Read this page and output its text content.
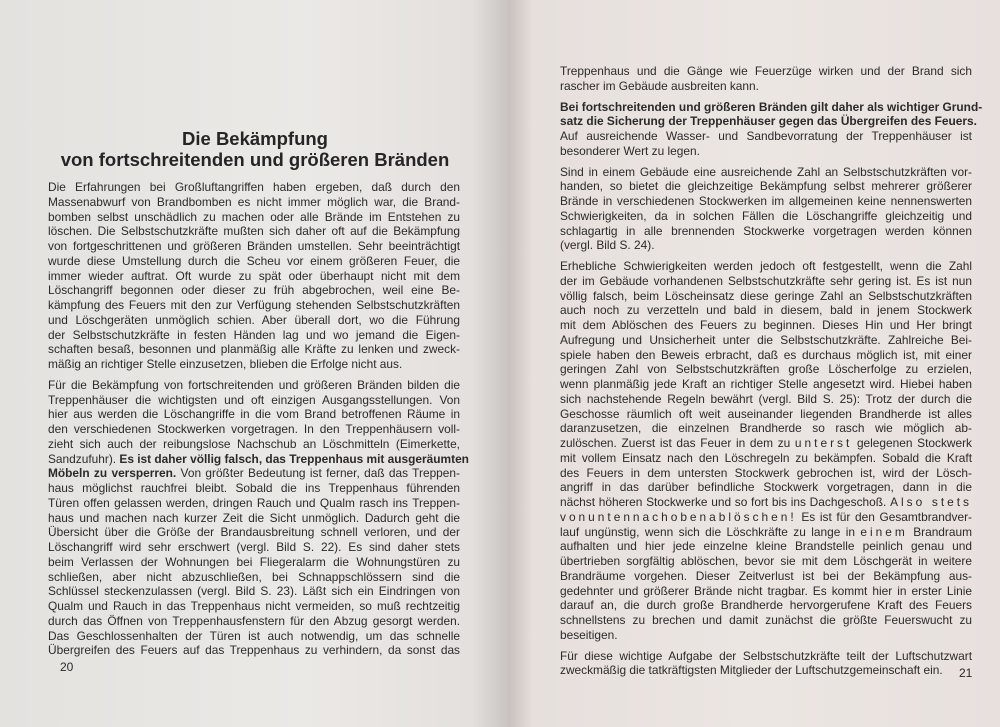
Die Bekämpfung
von fortschreitenden und größeren Bränden
Die Erfahrungen bei Großluftangriffen haben ergeben, daß durch den
Massenabwurf von Brandbomben es nicht immer möglich war, die Brand-
bomben selbst unschädlich zu machen oder alle Brände im Entstehen zu
löschen. Die Selbstschutzkräfte mußten sich daher oft auf die Bekämpfung
von fortgeschrittenen und größeren Bränden umstellen. Sehr beeinträchtigt
wurde diese Umstellung durch die Scheu vor einem größeren Feuer, die
immer wieder auftrat. Oft wurde zu spät oder überhaupt nicht mit dem
Löschangriff begonnen oder dieser zu früh abgebrochen, weil eine Be-
kämpfung des Feuers mit den zur Verfügung stehenden Selbstschutzkräften
und Löschgeräten unmöglich schien. Aber überall dort, wo die Führung
der Selbstschutzkräfte in festen Händen lag und wo jemand die Eigen-
schaften besaß, besonnen und planmäßig alle Kräfte zu lenken und zweck-
mäßig an richtiger Stelle einzusetzen, blieben die Erfolge nicht aus.
Für die Bekämpfung von fortschreitenden und größeren Bränden bilden die
Treppenhäuser die wichtigsten und oft einzigen Ausgangsstellungen. Von
hier aus werden die Löschangriffe in die vom Brand betroffenen Räume in
den verschiedenen Stockwerken vorgetragen. In den Treppenhäusern voll-
zieht sich auch der reibungslose Nachschub an Löschmitteln (Eimerkette,
Sandzufuhr). Es ist daher völlig falsch, das Treppenhaus mit ausgeräumten
Möbeln zu versperren. Von größter Bedeutung ist ferner, daß das Treppen-
haus möglichst rauchfrei bleibt. Sobald die ins Treppenhaus führenden
Türen offen gelassen werden, dringen Rauch und Qualm rasch ins Treppen-
haus und machen nach kurzer Zeit die Sicht unmöglich. Dadurch geht die
Übersicht über die Größe der Brandausbreitung schnell verloren, und der
Löschangriff wird sehr erschwert (vergl. Bild S. 22). Es sind daher stets
beim Verlassen der Wohnungen bei Fliegeralarm die Wohnungstüren zu
schließen, aber nicht abzuschließen, bei Schnappschlössern sind die
Schlüssel steckenzulassen (vergl. Bild S. 23). Läßt sich ein Eindringen von
Qualm und Rauch in das Treppenhaus nicht vermeiden, so muß rechtzeitig
durch das Öffnen von Treppenhausfenstern für den Abzug gesorgt werden.
Das Geschlossenhalten der Türen ist auch notwendig, um das schnelle
Übergreifen des Feuers auf das Treppenhaus zu verhindern, da sonst das
20
Treppenhaus und die Gänge wie Feuerzüge wirken und der Brand sich
rascher im Gebäude ausbreiten kann.
Bei fortschreitenden und größeren Bränden gilt daher als wichtiger Grund-
satz die Sicherung der Treppenhäuser gegen das Übergreifen des Feuers.
Auf ausreichende Wasser- und Sandbevorratung der Treppenhäuser ist
besonderer Wert zu legen.
Sind in einem Gebäude eine ausreichende Zahl an Selbstschutzkräften vor-
handen, so bietet die gleichzeitige Bekämpfung selbst mehrerer größerer
Brände in verschiedenen Stockwerken im allgemeinen keine nennenswerten
Schwierigkeiten, da in solchen Fällen die Löschangriffe gleichzeitig und
schlagartig in alle brennenden Stockwerke vorgetragen werden können
(vergl. Bild S. 24).
Erhebliche Schwierigkeiten werden jedoch oft festgestellt, wenn die Zahl
der im Gebäude vorhandenen Selbstschutzkräfte sehr gering ist. Es ist nun
völlig falsch, beim Löscheinsatz diese geringe Zahl an Selbstschutzkräften
auch noch zu verzetteln und bald in diesem, bald in jenem Stockwerk
mit dem Ablöschen des Feuers zu beginnen. Dieses Hin und Her bringt
Aufregung und Unsicherheit unter die Selbstschutzkräfte. Zahlreiche Bei-
spiele haben den Beweis erbracht, daß es durchaus möglich ist, mit einer
geringen Zahl von Selbstschutzkräften große Löscherfolge zu erzielen,
wenn planmäßig jede Kraft an richtiger Stelle angesetzt wird. Hiebei haben
sich nachstehende Regeln bewährt (vergl. Bild S. 25): Trotz der durch die
Geschosse räumlich oft weit auseinander liegenden Brandherde ist alles
daranzusetzen, die einzelnen Brandherde so rasch wie möglich ab-
zulöschen. Zuerst ist das Feuer in dem zu unterst gelegenen Stockwerk
mit vollem Einsatz nach den Löschregeln zu bekämpfen. Sobald die Kraft
des Feuers in dem untersten Stockwerk gebrochen ist, wird der Lösch-
angriff in das darüber befindliche Stockwerk vorgetragen, dann in die
nächst höheren Stockwerke und so fort bis ins Dachgeschoß. Also stets
vonuntennachobenablöschen! Es ist für den Gesamtbrandver-
lauf ungünstig, wenn sich die Löschkräfte zu lange in einem Brandraum
aufhalten und hier jede einzelne kleine Brandstelle peinlich genau und
übertrieben sorgfältig ablöschen, bevor sie mit dem Löschgerät in weitere
Brandräume vorgehen. Dieser Zeitverlust ist bei der Bekämpfung aus-
gedehnter und größerer Brände nicht tragbar. Es kommt hier in erster Linie
darauf an, die durch große Brandherde hervorgerufene Kraft des Feuers
schnellstens zu brechen und damit zunächst die größte Feuerswucht zu
beseitigen.
Für diese wichtige Aufgabe der Selbstschutzkräfte teilt der Luftschutzwart
zweckmäßig die tatkräftigsten Mitglieder der Luftschutzgemeinschaft ein.	21
